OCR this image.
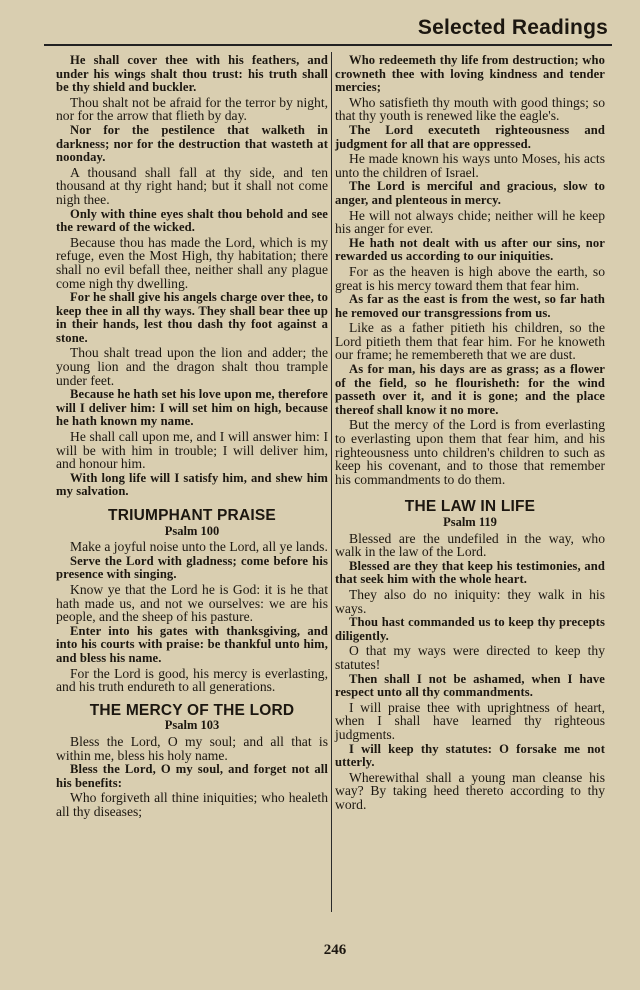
Selected Readings

He shall cover thee with his feathers, and under his wings shalt thou trust: his truth shall be thy shield and buckler.

Thou shalt not be afraid for the terror by night, nor for the arrow that flieth by day.

Nor for the pestilence that walketh in darkness; nor for the destruction that wasteth at noonday.

A thousand shall fall at thy side, and ten thousand at thy right hand; but it shall not come nigh thee.

Only with thine eyes shalt thou behold and see the reward of the wicked.

Because thou has made the Lord, which is my refuge, even the Most High, thy habitation; there shall no evil befall thee, neither shall any plague come nigh thy dwelling.

For he shall give his angels charge over thee, to keep thee in all thy ways. They shall bear thee up in their hands, lest thou dash thy foot against a stone.

Thou shalt tread upon the lion and adder; the young lion and the dragon shalt thou trample under feet.

Because he hath set his love upon me, therefore will I deliver him: I will set him on high, because he hath known my name.

He shall call upon me, and I will answer him: I will be with him in trouble; I will deliver him, and honour him.

With long life will I satisfy him, and shew him my salvation.

TRIUMPHANT PRAISE
Psalm 100

Make a joyful noise unto the Lord, all ye lands.

Serve the Lord with gladness; come before his presence with singing.

Know ye that the Lord he is God: it is he that hath made us, and not we ourselves: we are his people, and the sheep of his pasture.

Enter into his gates with thanksgiving, and into his courts with praise: be thankful unto him, and bless his name.

For the Lord is good, his mercy is everlasting, and his truth endureth to all generations.

THE MERCY OF THE LORD
Psalm 103

Bless the Lord, O my soul; and all that is within me, bless his holy name.

Bless the Lord, O my soul, and forget not all his benefits:

Who forgiveth all thine iniquities; who healeth all thy diseases;

Who redeemeth thy life from destruction; who crowneth thee with loving kindness and tender mercies;

Who satisfieth thy mouth with good things; so that thy youth is renewed like the eagle's.

The Lord executeth righteousness and judgment for all that are oppressed.

He made known his ways unto Moses, his acts unto the children of Israel.

The Lord is merciful and gracious, slow to anger, and plenteous in mercy.

He will not always chide; neither will he keep his anger for ever.

He hath not dealt with us after our sins, nor rewarded us according to our iniquities.

For as the heaven is high above the earth, so great is his mercy toward them that fear him.

As far as the east is from the west, so far hath he removed our transgressions from us.

Like as a father pitieth his children, so the Lord pitieth them that fear him. For he knoweth our frame; he remembereth that we are dust.

As for man, his days are as grass; as a flower of the field, so he flourisheth: for the wind passeth over it, and it is gone; and the place thereof shall know it no more.

But the mercy of the Lord is from everlasting to everlasting upon them that fear him, and his righteousness unto children's children to such as keep his covenant, and to those that remember his commandments to do them.

THE LAW IN LIFE
Psalm 119

Blessed are the undefiled in the way, who walk in the law of the Lord.

Blessed are they that keep his testimonies, and that seek him with the whole heart.

They also do no iniquity: they walk in his ways.

Thou hast commanded us to keep thy precepts diligently.

O that my ways were directed to keep thy statutes!

Then shall I not be ashamed, when I have respect unto all thy commandments.

I will praise thee with uprightness of heart, when I shall have learned thy righteous judgments.

I will keep thy statutes: O forsake me not utterly.

Wherewithal shall a young man cleanse his way? By taking heed thereto according to thy word.

246
